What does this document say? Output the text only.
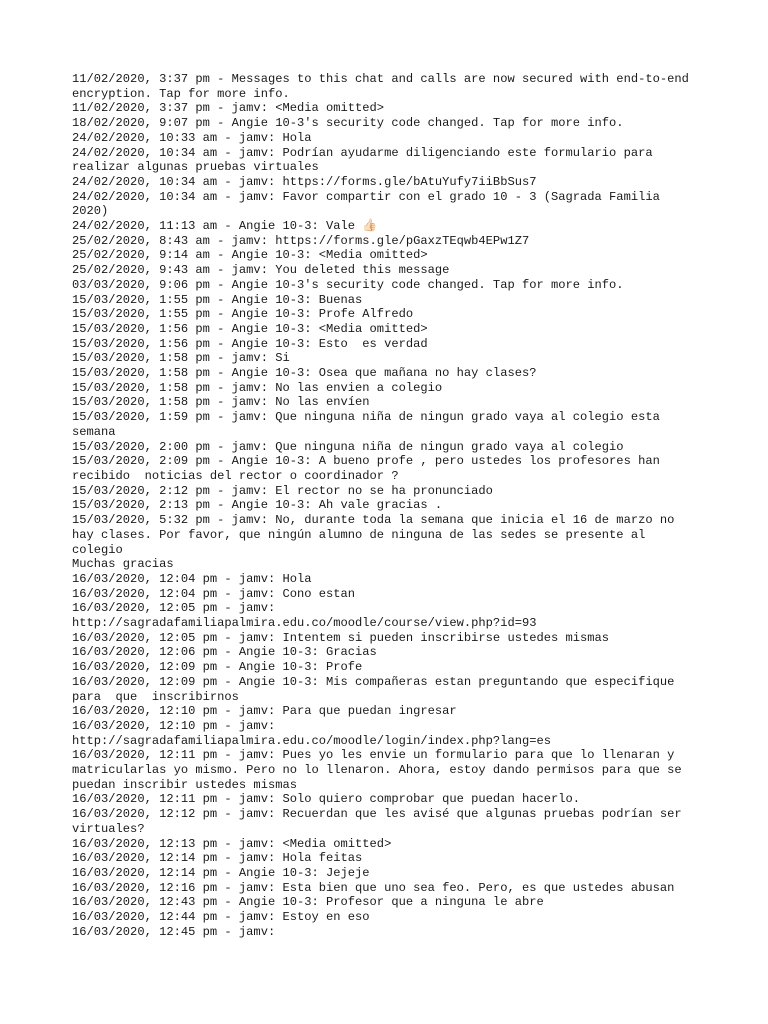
11/02/2020, 3:37 pm - Messages to this chat and calls are now secured with end-to-end encryption. Tap for more info.
11/02/2020, 3:37 pm - jamv: <Media omitted>
18/02/2020, 9:07 pm - Angie 10-3's security code changed. Tap for more info.
24/02/2020, 10:33 am - jamv: Hola
24/02/2020, 10:34 am - jamv: Podrían ayudarme diligenciando este formulario para realizar algunas pruebas virtuales
24/02/2020, 10:34 am - jamv: https://forms.gle/bAtuYufy7iiBbSus7
24/02/2020, 10:34 am - jamv: Favor compartir con el grado 10 - 3 (Sagrada Familia 2020)
24/02/2020, 11:13 am - Angie 10-3: Vale 👍🏻
25/02/2020, 8:43 am - jamv: https://forms.gle/pGaxzTEqwb4EPw1Z7
25/02/2020, 9:14 am - Angie 10-3: <Media omitted>
25/02/2020, 9:43 am - jamv: You deleted this message
03/03/2020, 9:06 pm - Angie 10-3's security code changed. Tap for more info.
15/03/2020, 1:55 pm - Angie 10-3: Buenas
15/03/2020, 1:55 pm - Angie 10-3: Profe Alfredo
15/03/2020, 1:56 pm - Angie 10-3: <Media omitted>
15/03/2020, 1:56 pm - Angie 10-3: Esto  es verdad
15/03/2020, 1:58 pm - jamv: Si
15/03/2020, 1:58 pm - Angie 10-3: Osea que mañana no hay clases?
15/03/2020, 1:58 pm - jamv: No las envien a colegio
15/03/2020, 1:58 pm - jamv: No las envíen
15/03/2020, 1:59 pm - jamv: Que ninguna niña de ningun grado vaya al colegio esta semana
15/03/2020, 2:00 pm - jamv: Que ninguna niña de ningun grado vaya al colegio
15/03/2020, 2:09 pm - Angie 10-3: A bueno profe , pero ustedes los profesores han recibido  noticias del rector o coordinador ?
15/03/2020, 2:12 pm - jamv: El rector no se ha pronunciado
15/03/2020, 2:13 pm - Angie 10-3: Ah vale gracias .
15/03/2020, 5:32 pm - jamv: No, durante toda la semana que inicia el 16 de marzo no hay clases. Por favor, que ningún alumno de ninguna de las sedes se presente al colegio
Muchas gracias
16/03/2020, 12:04 pm - jamv: Hola
16/03/2020, 12:04 pm - jamv: Cono estan
16/03/2020, 12:05 pm - jamv:
http://sagradafamiliapalmira.edu.co/moodle/course/view.php?id=93
16/03/2020, 12:05 pm - jamv: Intentem si pueden inscribirse ustedes mismas
16/03/2020, 12:06 pm - Angie 10-3: Gracias
16/03/2020, 12:09 pm - Angie 10-3: Profe
16/03/2020, 12:09 pm - Angie 10-3: Mis compañeras estan preguntando que especifique para  que  inscribirnos
16/03/2020, 12:10 pm - jamv: Para que puedan ingresar
16/03/2020, 12:10 pm - jamv:
http://sagradafamiliapalmira.edu.co/moodle/login/index.php?lang=es
16/03/2020, 12:11 pm - jamv: Pues yo les envie un formulario para que lo llenaran y matricularlas yo mismo. Pero no lo llenaron. Ahora, estoy dando permisos para que se puedan inscribir ustedes mismas
16/03/2020, 12:11 pm - jamv: Solo quiero comprobar que puedan hacerlo.
16/03/2020, 12:12 pm - jamv: Recuerdan que les avisé que algunas pruebas podrían ser virtuales?
16/03/2020, 12:13 pm - jamv: <Media omitted>
16/03/2020, 12:14 pm - jamv: Hola feitas
16/03/2020, 12:14 pm - Angie 10-3: Jejeje
16/03/2020, 12:16 pm - jamv: Esta bien que uno sea feo. Pero, es que ustedes abusan
16/03/2020, 12:43 pm - Angie 10-3: Profesor que a ninguna le abre
16/03/2020, 12:44 pm - jamv: Estoy en eso
16/03/2020, 12:45 pm - jamv:
